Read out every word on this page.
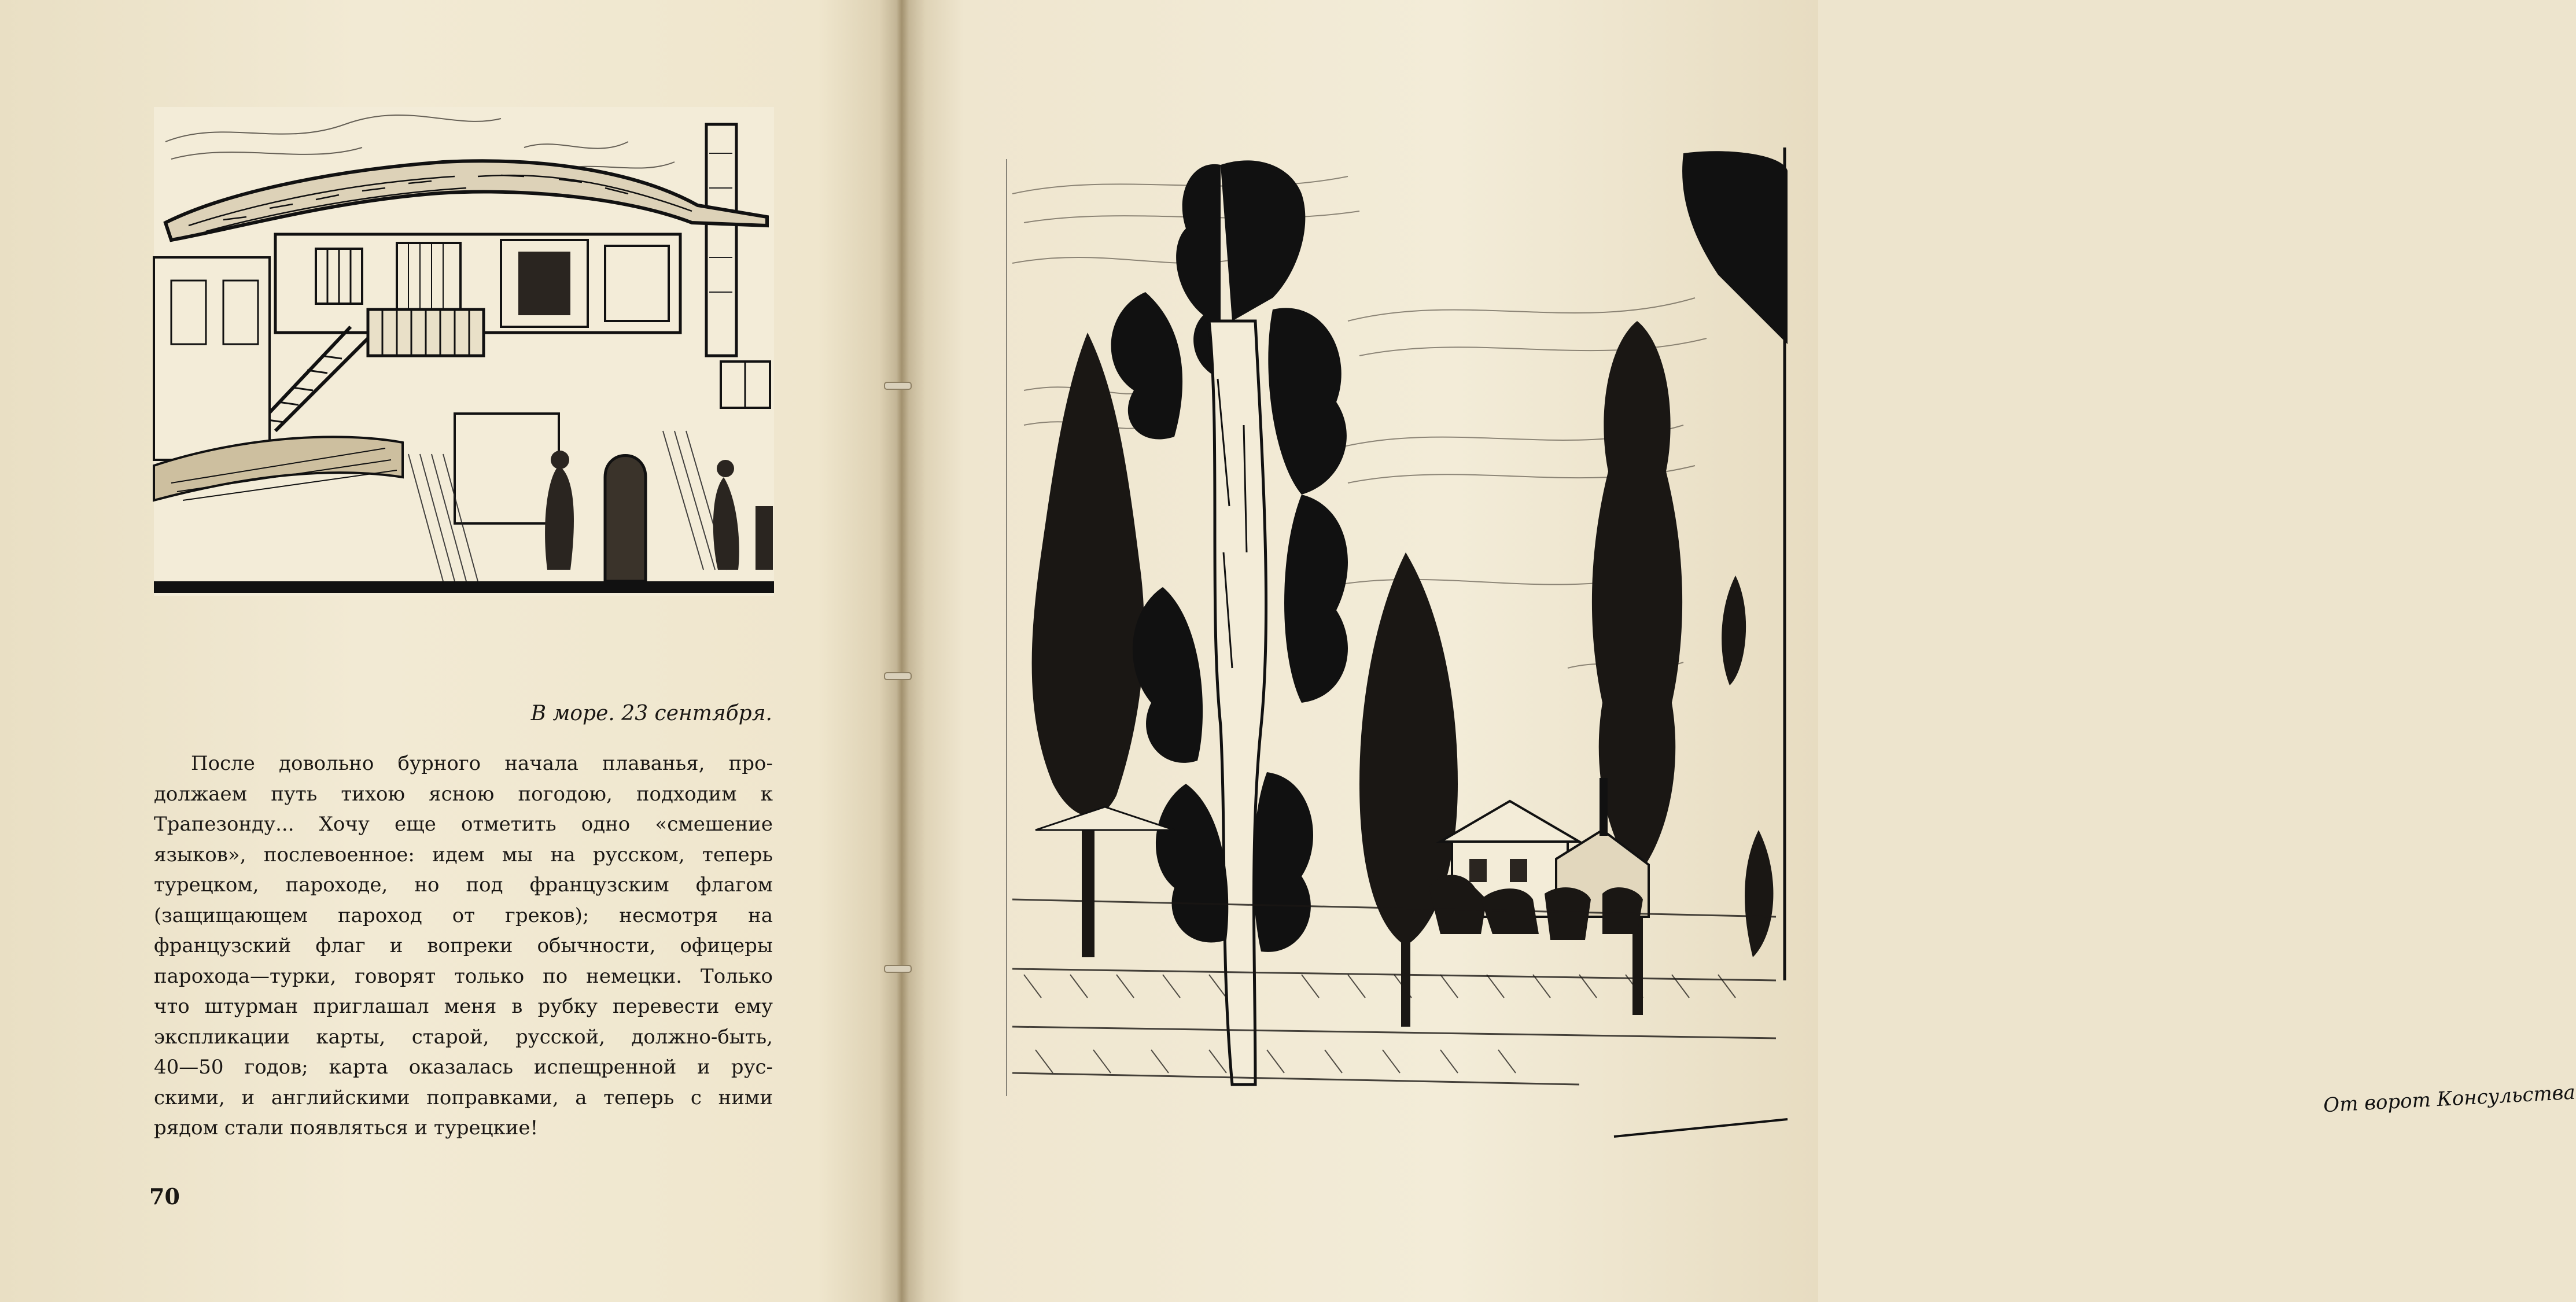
В море. 23 сентября.
После довольно бурного начала плаванья, про-
должаем путь тихою ясною погодою, подходим к
Трапезонду... Хочу еще отметить одно «смешение
языков», послевоенное: идем мы на русском, теперь
турецком, пароходе, но под французским флагом
(защищающем пароход от греков); несмотря на
французский флаг и вопреки обычности, офицеры
парохода—турки, говорят только по немецки. Только
что штурман приглашал меня в рубку перевести ему
экспликации карты, старой, русской, должно-быть,
40—50 годов; карта оказалась испещренной и рус-
скими, и английскими поправками, а теперь с ними
рядом стали появляться и турецкие!
70
От ворот Консульства
